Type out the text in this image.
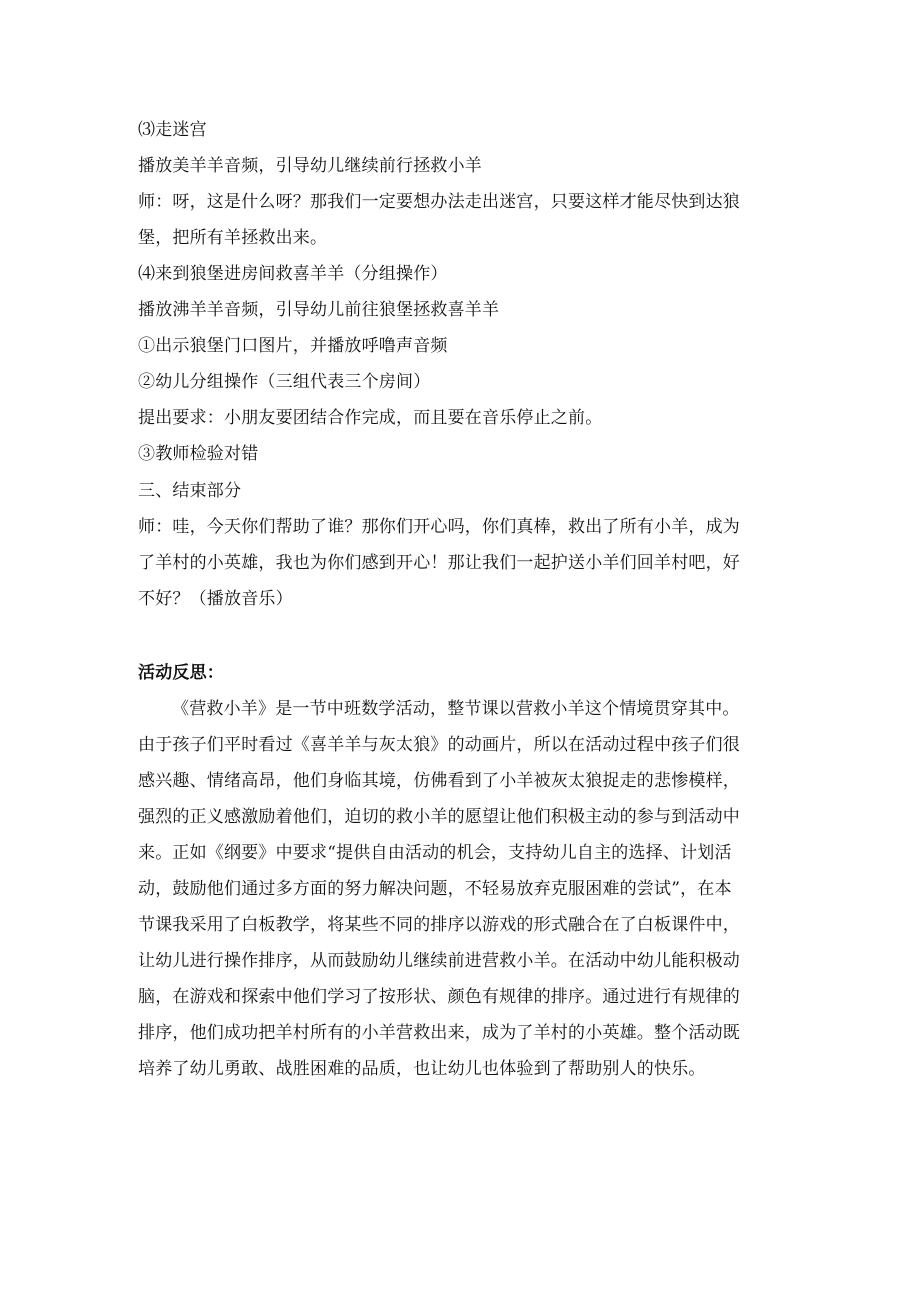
⑶走迷宫
播放美羊羊音频，引导幼儿继续前行拯救小羊
师：呀，这是什么呀？那我们一定要想办法走出迷宫，只要这样才能尽快到达狼
堡，把所有羊拯救出来。
⑷来到狼堡进房间救喜羊羊（分组操作）
播放沸羊羊音频，引导幼儿前往狼堡拯救喜羊羊
①出示狼堡门口图片，并播放呼噜声音频
②幼儿分组操作（三组代表三个房间）
提出要求：小朋友要团结合作完成，而且要在音乐停止之前。
③教师检验对错
三、结束部分
师：哇，今天你们帮助了谁？那你们开心吗，你们真棒，救出了所有小羊，成为
了羊村的小英雄，我也为你们感到开心！那让我们一起护送小羊们回羊村吧，好
不好？（播放音乐）
活动反思：
《营救小羊》是一节中班数学活动，整节课以营救小羊这个情境贯穿其中。
由于孩子们平时看过《喜羊羊与灰太狼》的动画片，所以在活动过程中孩子们很
感兴趣、情绪高昂，他们身临其境，仿佛看到了小羊被灰太狼捉走的悲惨模样，
强烈的正义感激励着他们，迫切的救小羊的愿望让他们积极主动的参与到活动中
来。正如《纲要》中要求“提供自由活动的机会，支持幼儿自主的选择、计划活
动，鼓励他们通过多方面的努力解决问题，不轻易放弃克服困难的尝试”，在本
节课我采用了白板教学，将某些不同的排序以游戏的形式融合在了白板课件中，
让幼儿进行操作排序，从而鼓励幼儿继续前进营救小羊。在活动中幼儿能积极动
脑，在游戏和探索中他们学习了按形状、颜色有规律的排序。通过进行有规律的
排序，他们成功把羊村所有的小羊营救出来，成为了羊村的小英雄。整个活动既
培养了幼儿勇敢、战胜困难的品质，也让幼儿也体验到了帮助别人的快乐。
